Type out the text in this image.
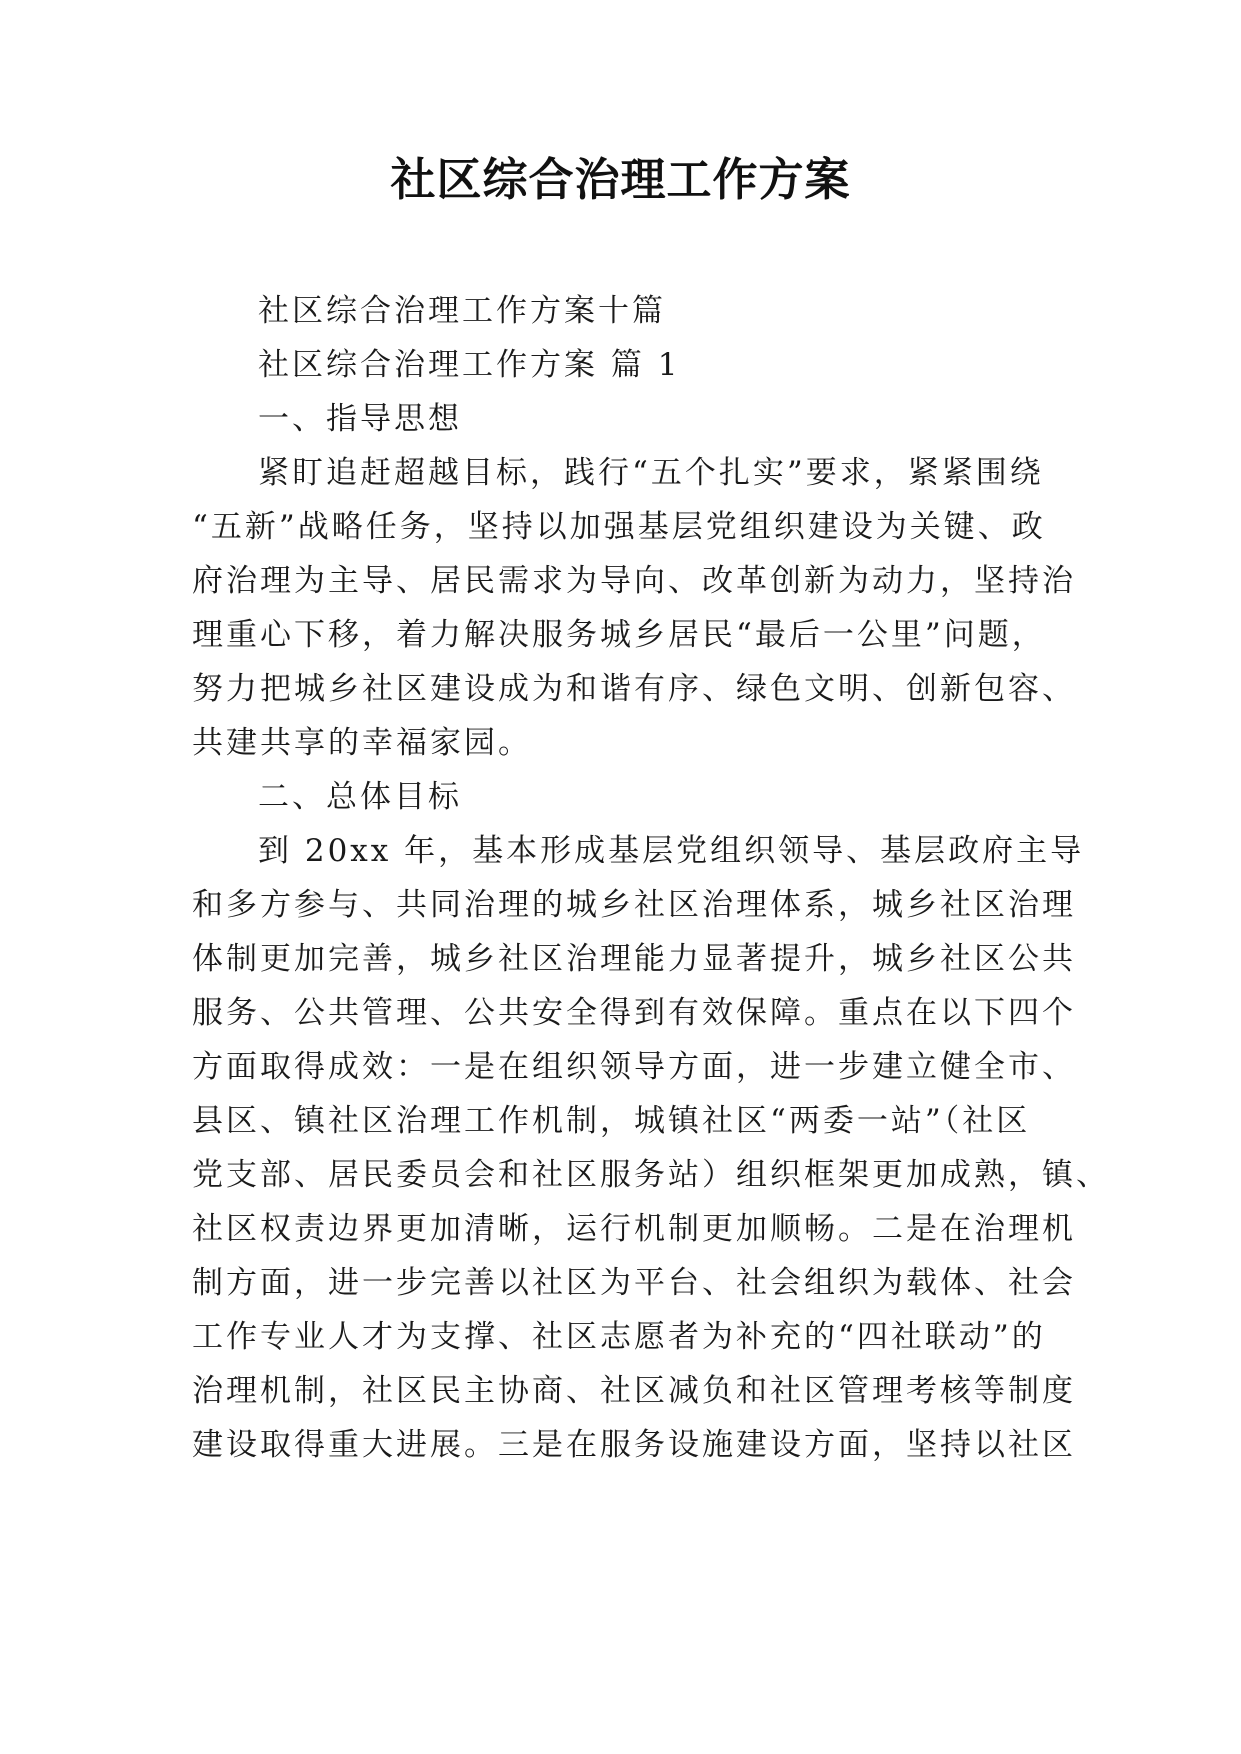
社区综合治理工作方案
社区综合治理工作方案十篇
社区综合治理工作方案 篇 1
一、指导思想
紧盯追赶超越目标，践行“五个扎实”要求，紧紧围绕
“五新”战略任务，坚持以加强基层党组织建设为关键、政
府治理为主导、居民需求为导向、改革创新为动力，坚持治
理重心下移，着力解决服务城乡居民“最后一公里”问题，
努力把城乡社区建设成为和谐有序、绿色文明、创新包容、
共建共享的幸福家园。
二、总体目标
到 20xx 年，基本形成基层党组织领导、基层政府主导
和多方参与、共同治理的城乡社区治理体系，城乡社区治理
体制更加完善，城乡社区治理能力显著提升，城乡社区公共
服务、公共管理、公共安全得到有效保障。重点在以下四个
方面取得成效：一是在组织领导方面，进一步建立健全市、
县区、镇社区治理工作机制，城镇社区“两委一站”（社区
党支部、居民委员会和社区服务站）组织框架更加成熟，镇、
社区权责边界更加清晰，运行机制更加顺畅。二是在治理机
制方面，进一步完善以社区为平台、社会组织为载体、社会
工作专业人才为支撑、社区志愿者为补充的“四社联动”的
治理机制，社区民主协商、社区减负和社区管理考核等制度
建设取得重大进展。三是在服务设施建设方面，坚持以社区
